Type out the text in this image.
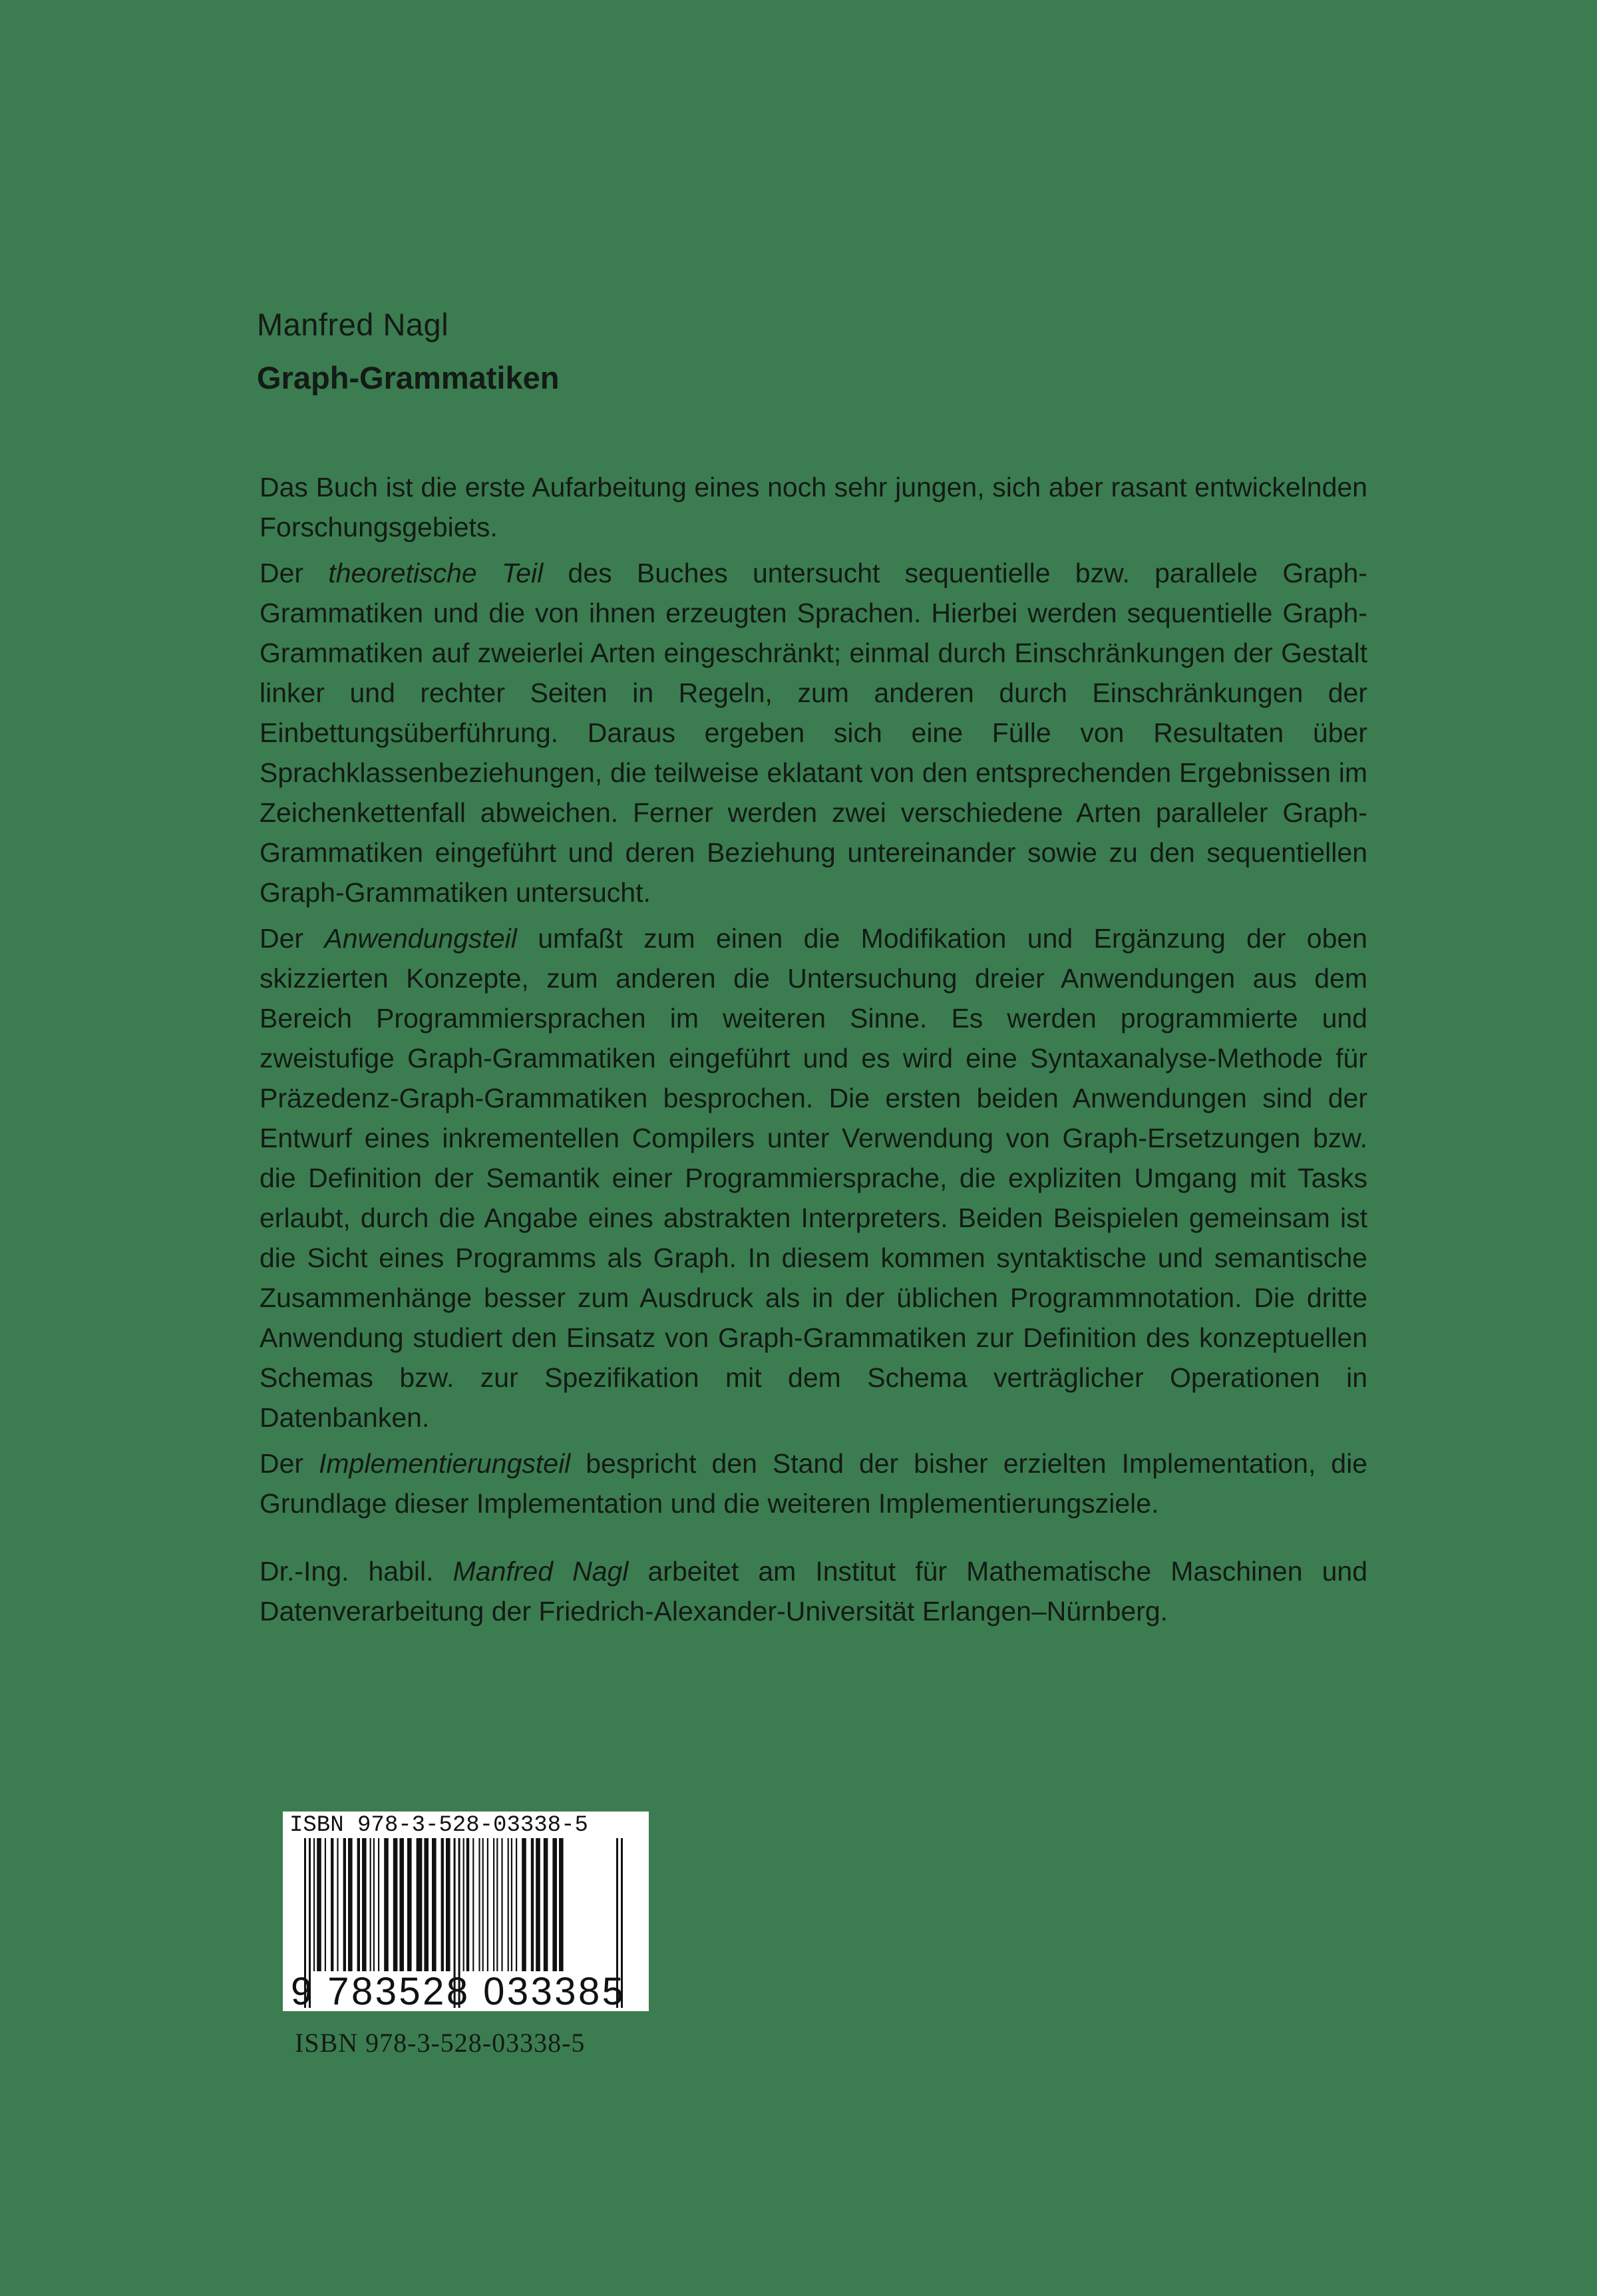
Manfred Nagl
Graph-Grammatiken

Das Buch ist die erste Aufarbeitung eines noch sehr jungen, sich aber rasant entwickelnden Forschungsgebiets.

Der theoretische Teil des Buches untersucht sequentielle bzw. parallele Graph-Grammatiken und die von ihnen erzeugten Sprachen. Hierbei werden sequentielle Graph-Grammatiken auf zweierlei Arten eingeschränkt; einmal durch Einschränkungen der Gestalt linker und rechter Seiten in Regeln, zum anderen durch Einschränkungen der Einbettungsüberführung. Daraus ergeben sich eine Fülle von Resultaten über Sprachklassenbeziehungen, die teilweise eklatant von den entsprechenden Ergebnissen im Zeichenkettenfall abweichen. Ferner werden zwei verschiedene Arten paralleler Graph-Grammatiken eingeführt und deren Beziehung untereinander sowie zu den sequentiellen Graph-Grammatiken untersucht.

Der Anwendungsteil umfaßt zum einen die Modifikation und Ergänzung der oben skizzierten Konzepte, zum anderen die Untersuchung dreier Anwendungen aus dem Bereich Programmiersprachen im weiteren Sinne. Es werden programmierte und zweistufige Graph-Grammatiken eingeführt und es wird eine Syntaxanalyse-Methode für Präzedenz-Graph-Grammatiken besprochen. Die ersten beiden Anwendungen sind der Entwurf eines inkrementellen Compilers unter Verwendung von Graph-Ersetzungen bzw. die Definition der Semantik einer Programmiersprache, die expliziten Umgang mit Tasks erlaubt, durch die Angabe eines abstrakten Interpreters. Beiden Beispielen gemeinsam ist die Sicht eines Programms als Graph. In diesem kommen syntaktische und semantische Zusammenhänge besser zum Ausdruck als in der üblichen Programmnotation. Die dritte Anwendung studiert den Einsatz von Graph-Grammatiken zur Definition des konzeptuellen Schemas bzw. zur Spezifikation mit dem Schema verträglicher Operationen in Datenbanken.

Der Implementierungsteil bespricht den Stand der bisher erzielten Implementation, die Grundlage dieser Implementation und die weiteren Implementierungsziele.

Dr.-Ing. habil. Manfred Nagl arbeitet am Institut für Mathematische Maschinen und Datenverarbeitung der Friedrich-Alexander-Universität Erlangen–Nürnberg.

ISBN 978-3-528-03338-5
9 783528 033385
ISBN 978-3-528-03338-5
